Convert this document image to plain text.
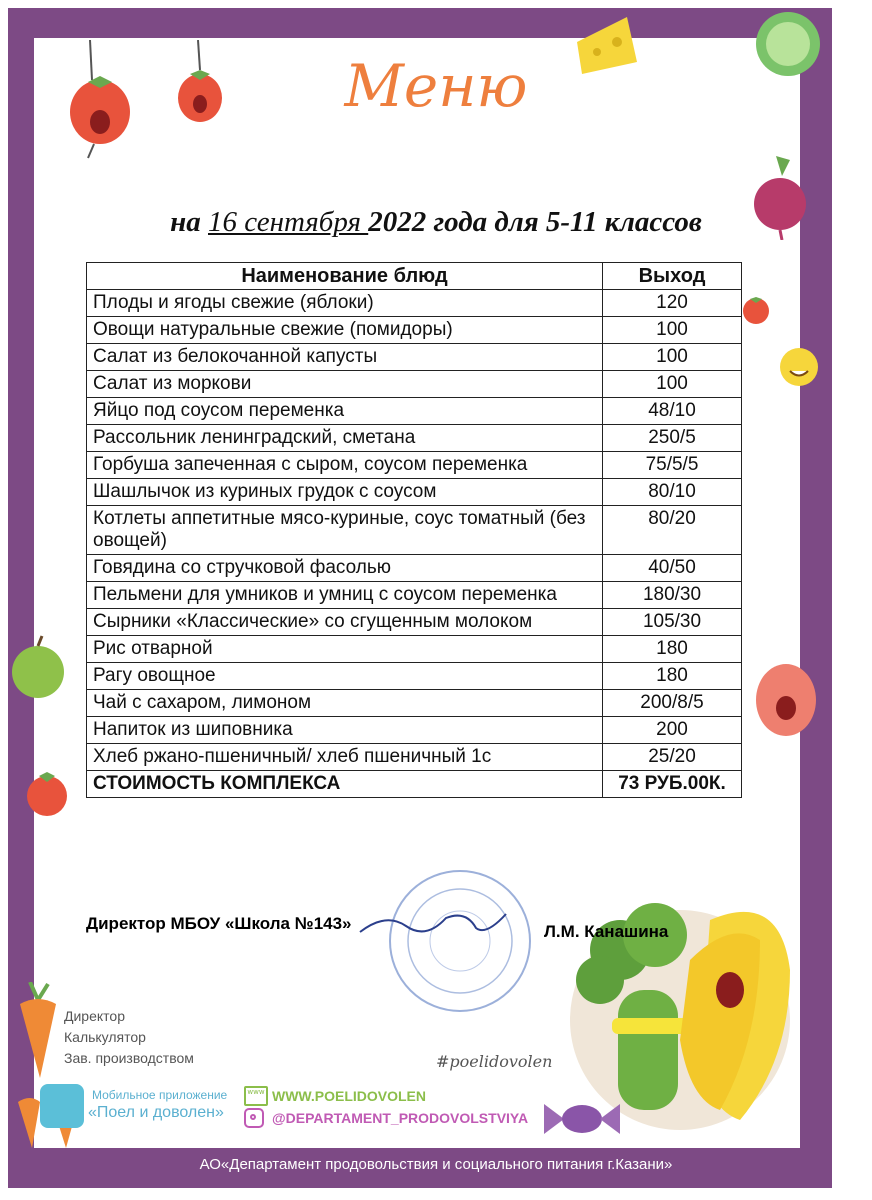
Меню
на 16 сентября 2022 года для 5-11 классов
Наименование блюд	Выход
Плоды и ягоды свежие (яблоки)	120
Овощи натуральные свежие (помидоры)	100
Салат из белокочанной капусты	100
Салат из моркови	100
Яйцо под соусом переменка	48/10
Рассольник ленинградский, сметана	250/5
Горбуша запеченная с сыром, соусом переменка	75/5/5
Шашлычок из куриных грудок с соусом	80/10
Котлеты аппетитные мясо-куриные, соус томатный (без овощей)	80/20
Говядина со стручковой фасолью	40/50
Пельмени для умников и умниц с соусом переменка	180/30
Сырники «Классические» со сгущенным молоком	105/30
Рис отварной	180
Рагу овощное	180
Чай с сахаром, лимоном	200/8/5
Напиток из шиповника	200
Хлеб ржано-пшеничный/ хлеб пшеничный 1с	25/20
СТОИМОСТЬ КОМПЛЕКСА	73 РУБ.00К.
Директор МБОУ «Школа №143»	Л.М. Канашина
Директор
Калькулятор
Зав. производством	#poelidovolen
Мобильное приложение
«Поел и доволен»
www WWW.POELIDOVOLEN
@DEPARTAMENT_PRODOVOLSTVIYA
АО«Департамент продовольствия и социального питания г.Казани»
